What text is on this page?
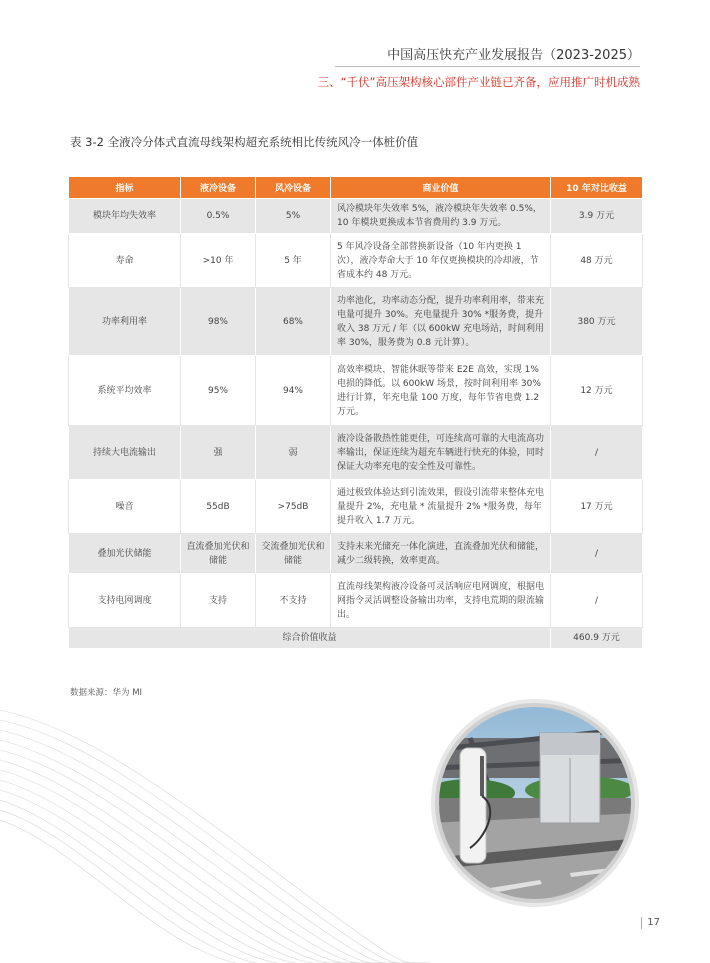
中国高压快充产业发展报告（2023-2025）
三、“千伏”高压架构核心部件产业链已齐备，应用推广时机成熟
表 3-2 全液冷分体式直流母线架构超充系统相比传统风冷一体桩价值
指标	液冷设备	风冷设备	商业价值	10 年对比收益
模块年均失效率	0.5%	5%	风冷模块年失效率 5%，液冷模块年失效率 0.5%，10 年模块更换成本节省费用约 3.9 万元。	3.9 万元
寿命	>10 年	5 年	5 年风冷设备全部替换新设备（10 年内更换 1 次），液冷寿命大于 10 年仅更换模块的冷却液，节省成本约 48 万元。	48 万元
功率利用率	98%	68%	功率池化，功率动态分配，提升功率利用率，带来充电量可提升 30%。充电量提升 30% *服务费，提升收入 38 万元 / 年（以 600kW 充电场站，时间利用率 30%，服务费为 0.8 元计算）。	380 万元
系统平均效率	95%	94%	高效率模块、智能休眠等带来 E2E 高效，实现 1% 电损的降低。以 600kW 场景，按时间利用率 30% 进行计算，年充电量 100 万度，每年节省电费 1.2 万元。	12 万元
持续大电流输出	强	弱	液冷设备散热性能更佳，可连续高可靠的大电流高功率输出，保证连续为超充车辆进行快充的体验，同时保证大功率充电的安全性及可靠性。	/
噪音	55dB	>75dB	通过极致体验达到引流效果，假设引流带来整体充电量提升 2%，充电量 * 流量提升 2% *服务费，每年提升收入 1.7 万元。	17 万元
叠加光伏储能	直流叠加光伏和储能	交流叠加光伏和储能	支持未来光储充一体化演进，直流叠加光伏和储能，减少二级转换，效率更高。	/
支持电网调度	支持	不支持	直流母线架构液冷设备可灵活响应电网调度，根据电网指令灵活调整设备输出功率，支持电荒期的限流输出。	/
综合价值收益				460.9 万元
数据来源：华为 MI
17
